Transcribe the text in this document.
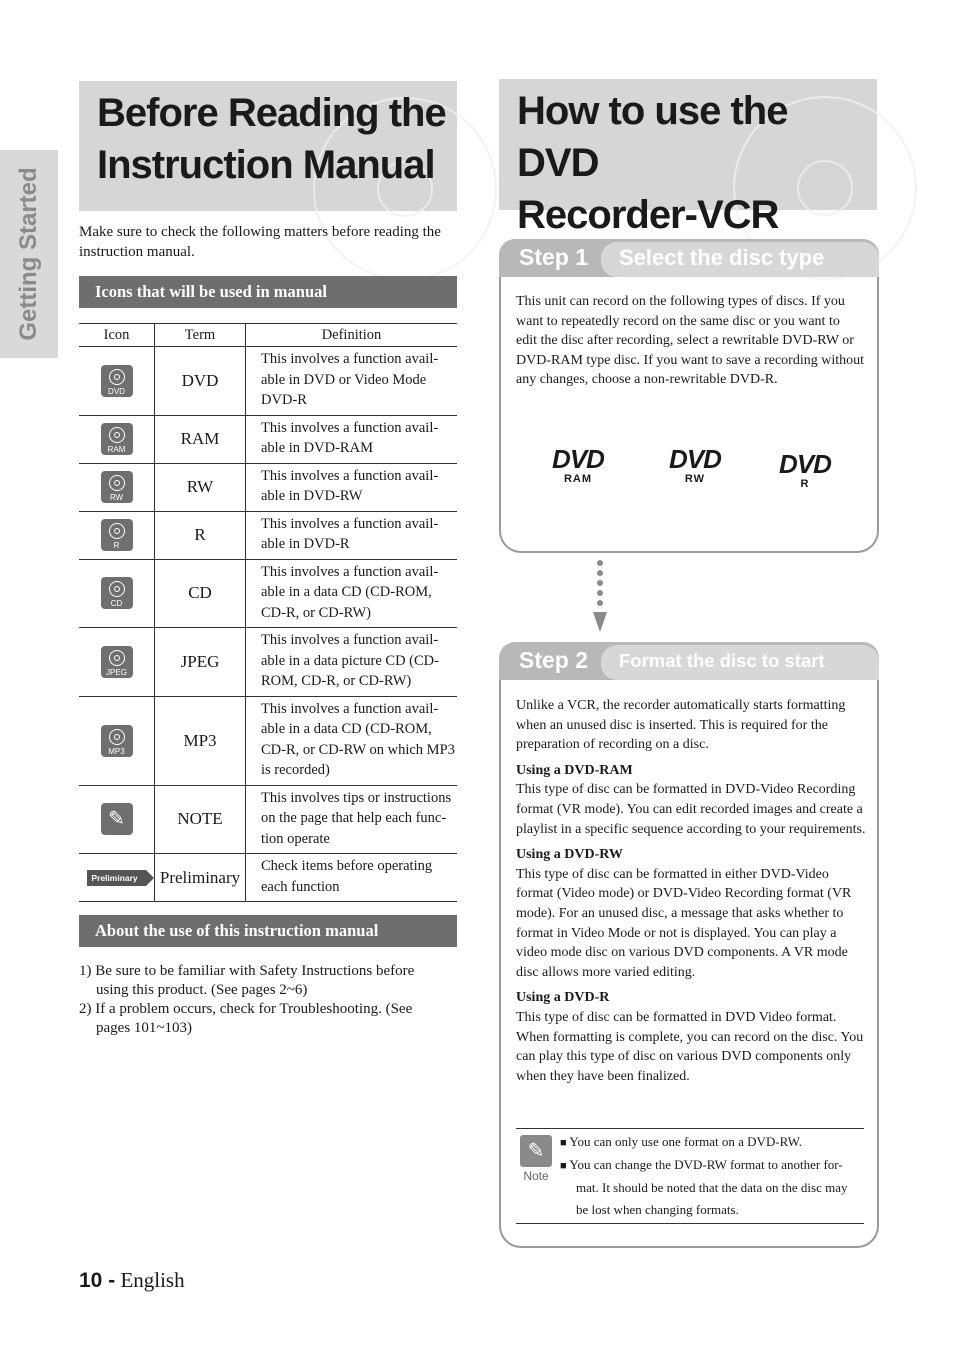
Getting Started
Before Reading the
Instruction Manual
Make sure to check the following matters before reading the instruction manual.
Icons that will be used in manual
Icon	Term	Definition

DVD	DVD	This involves a function avail-able in DVD or Video Mode DVD-R

RAM	RAM	This involves a function avail-able in DVD-RAM

RW	RW	This involves a function avail-able in DVD-RW

R	R	This involves a function avail-able in DVD-R

CD	CD	This involves a function avail-able in a data CD (CD-ROM, CD-R, or CD-RW)

JPEG	JPEG	This involves a function avail-able in a data picture CD (CD-ROM, CD-R, or CD-RW)

MP3	MP3	This involves a function avail-able in a data CD (CD-ROM, CD-R, or CD-RW on which MP3 is recorded)
✎	NOTE	This involves tips or instructions on the page that help each func-tion operate
Preliminary	Preliminary	Check items before operating each function
About the use of this instruction manual

1) Be sure to be familiar with Safety Instructions before using this product. (See pages 2~6)

2) If a problem occurs, check for Troubleshooting. (See pages 101~103)

10 - English
How to use the DVD
Recorder-VCR
Step 1	Select the disc type

This unit can record on the following types of discs. If you want to repeatedly record on the same disc or you want to edit the disc after recording, select a rewritable DVD-RW or DVD-RAM type disc. If you want to save a recording without any changes, choose a non-rewritable DVD-R.

DVD
RAM
DVD
RW	DVD
R
Step 2	Format the disc to start recording

Unlike a VCR, the recorder automatically starts formatting when an unused disc is inserted. This is required for the preparation of recording on a disc.

Using a DVD-RAM

This type of disc can be formatted in DVD-Video Recording format (VR mode). You can edit recorded images and create a playlist in a specific sequence according to your requirements.

Using a DVD-RW

This type of disc can be formatted in either DVD-Video format (Video mode) or DVD-Video Recording format (VR mode). For an unused disc, a message that asks whether to format in Video Mode or not is displayed. You can play a video mode disc on various DVD components. A VR mode disc allows more varied editing.

Using a DVD-R

This type of disc can be formatted in DVD Video format. When formatting is complete, you can record on the disc. You can play this type of disc on various DVD components only when they have been finalized.

✎
Note

■ You can only use one format on a DVD-RW.

■ You can change the DVD-RW format to another for-mat. It should be noted that the data on the disc may be lost when changing formats.
